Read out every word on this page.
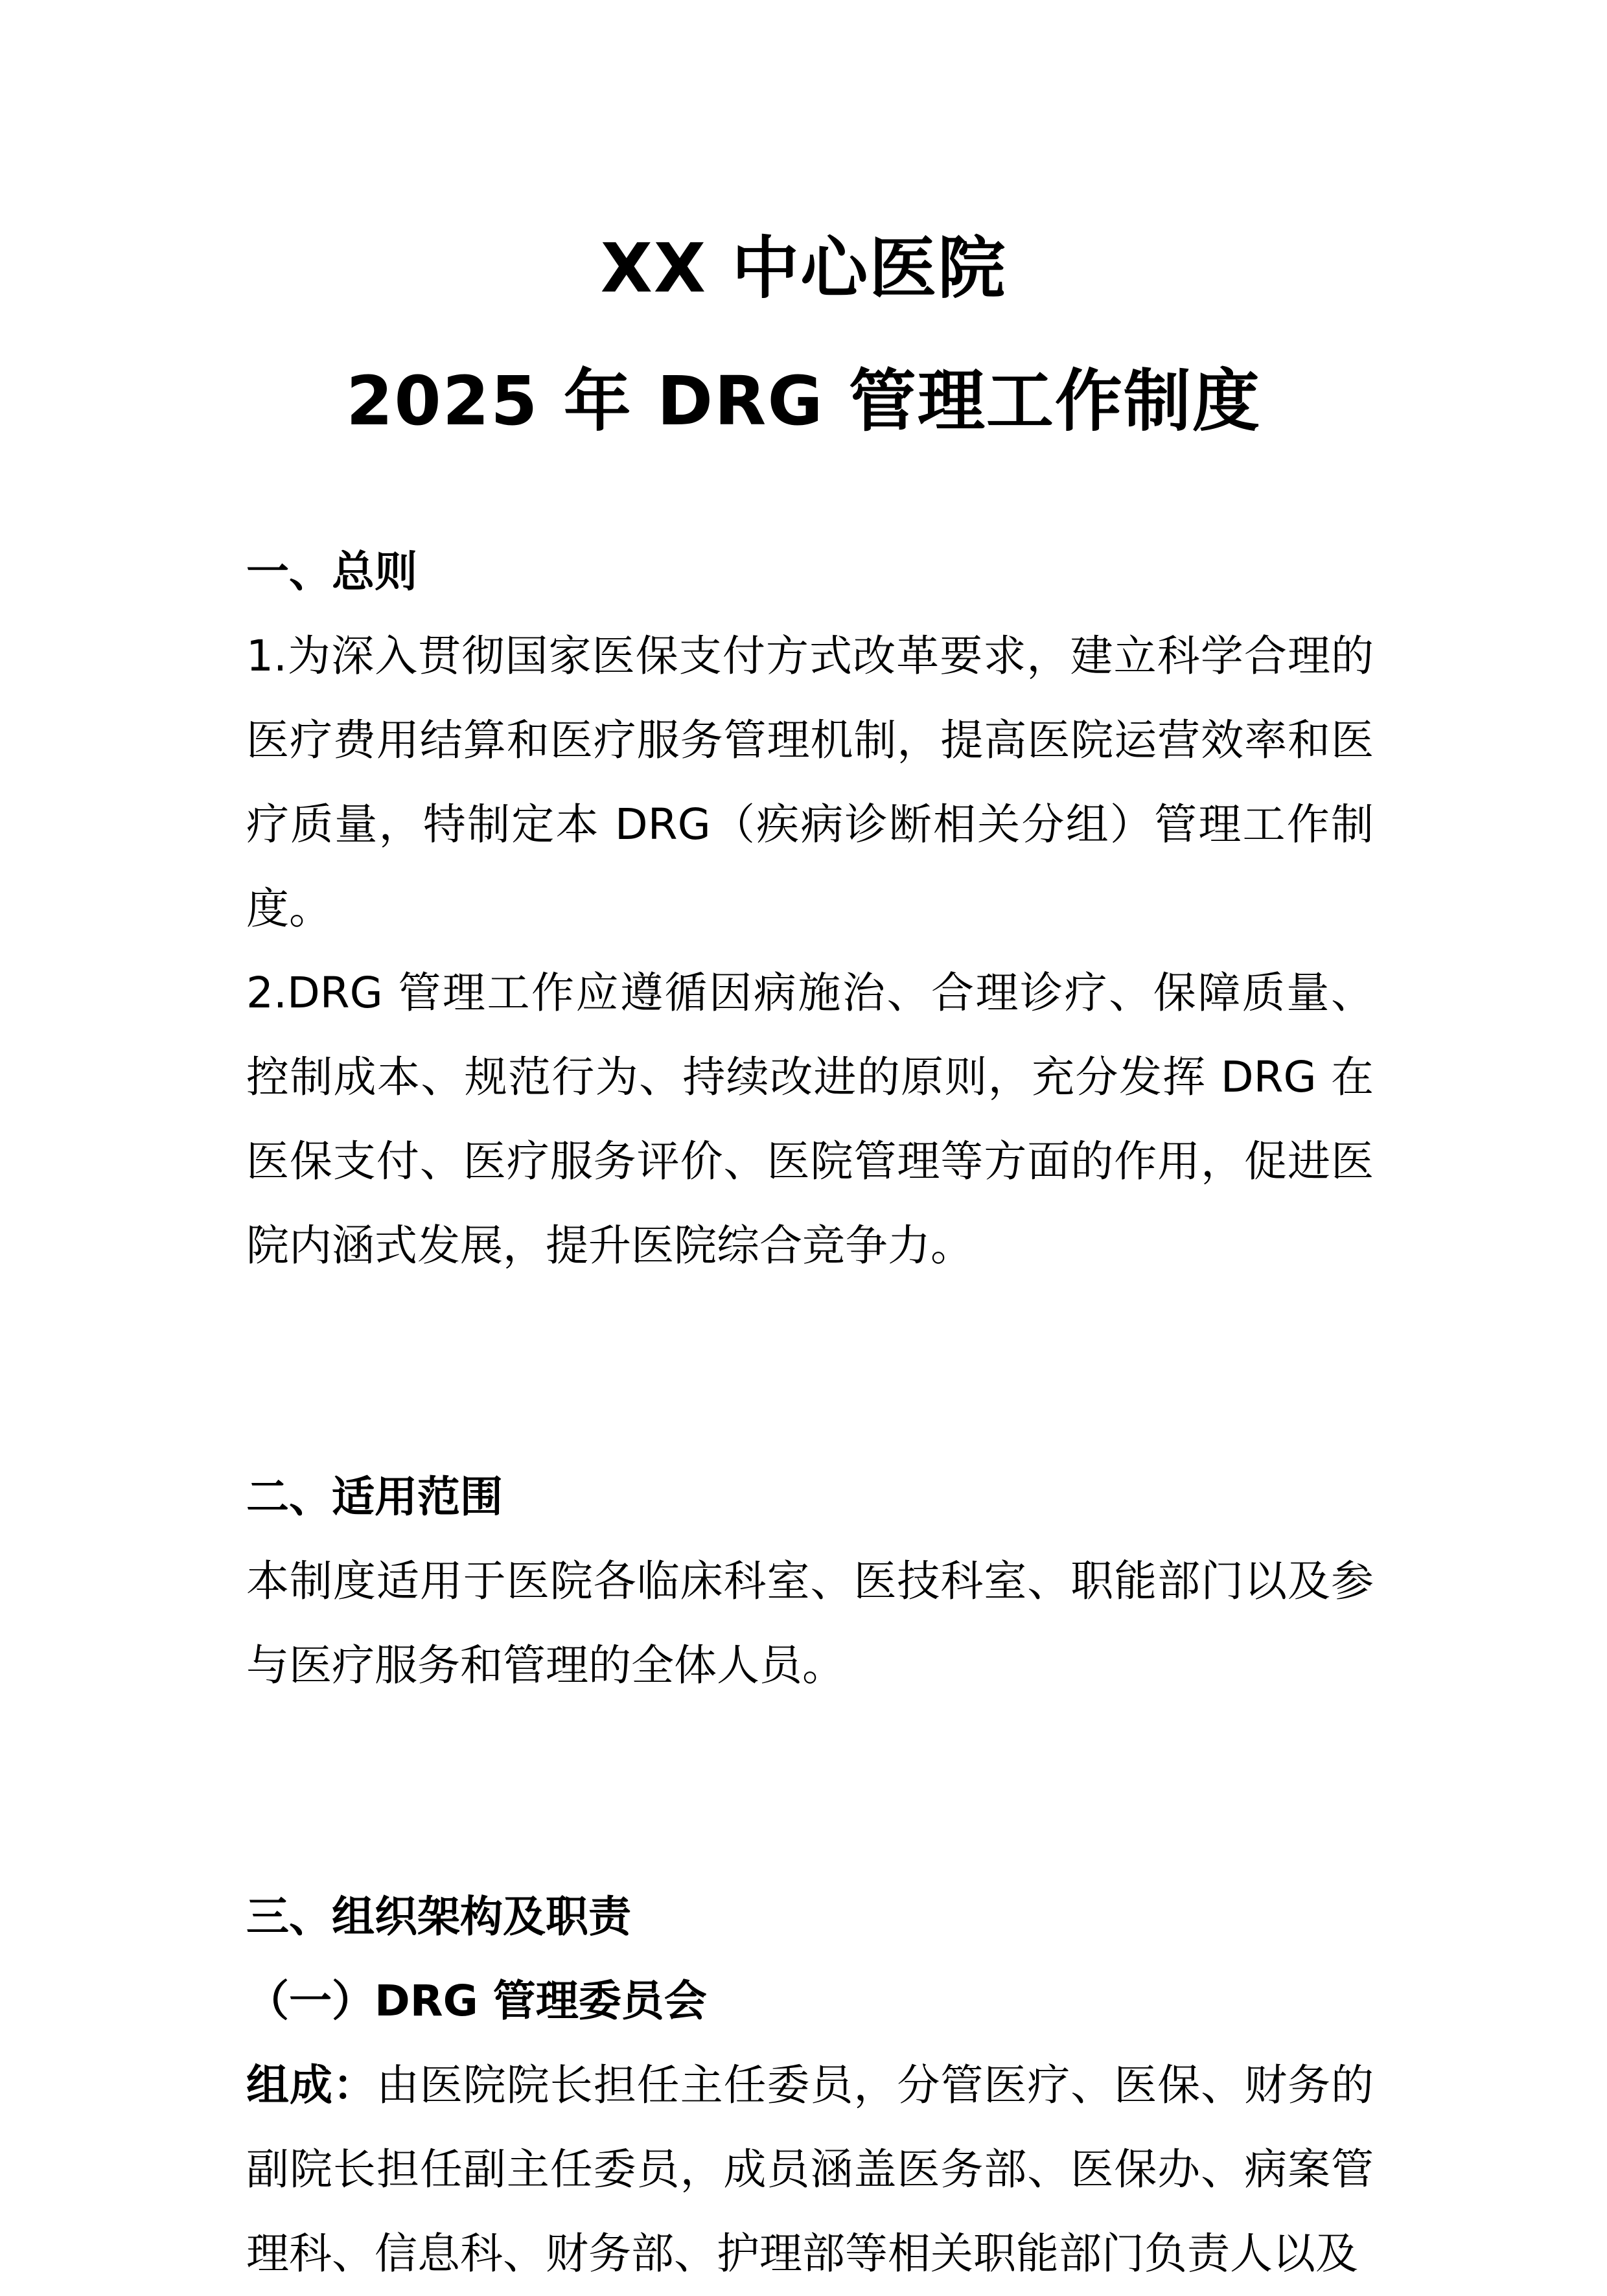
XX 中心医院
2025 年 DRG 管理工作制度
一、总则
1.为深入贯彻国家医保支付方式改革要求，建立科学合理的医疗费用结算和医疗服务管理机制，提高医院运营效率和医疗质量，特制定本 DRG（疾病诊断相关分组）管理工作制度。
2.DRG 管理工作应遵循因病施治、合理诊疗、保障质量、控制成本、规范行为、持续改进的原则，充分发挥 DRG 在医保支付、医疗服务评价、医院管理等方面的作用，促进医院内涵式发展，提升医院综合竞争力。
二、适用范围
本制度适用于医院各临床科室、医技科室、职能部门以及参与医疗服务和管理的全体人员。
三、组织架构及职责
（一）DRG 管理委员会
组成：由医院院长担任主任委员，分管医疗、医保、财务的副院长担任副主任委员，成员涵盖医务部、医保办、病案管理科、信息科、财务部、护理部等相关职能部门负责人以及
